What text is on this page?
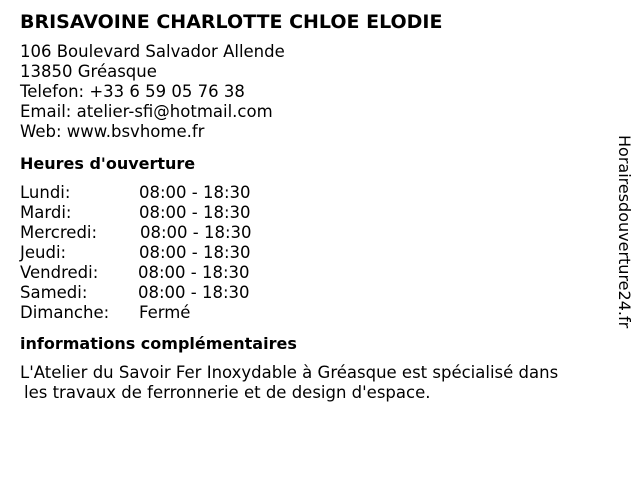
BRISAVOINE CHARLOTTE CHLOE ELODIE
106 Boulevard Salvador Allende
13850 Gréasque
Telefon: +33 6 59 05 76 38
Email: atelier-sfi@hotmail.com
Web: www.bsvhome.fr
Heures d'ouverture
Lundi:	08:00 - 18:30
Mardi:	08:00 - 18:30
Mercredi:	08:00 - 18:30
Jeudi:	08:00 - 18:30
Vendredi:	08:00 - 18:30
Samedi:	08:00 - 18:30
Dimanche:	Fermé
informations complémentaires
L'Atelier du Savoir Fer Inoxydable à Gréasque est spécialisé dans
les travaux de ferronnerie et de design d'espace.
Horairesdouverture24.fr
